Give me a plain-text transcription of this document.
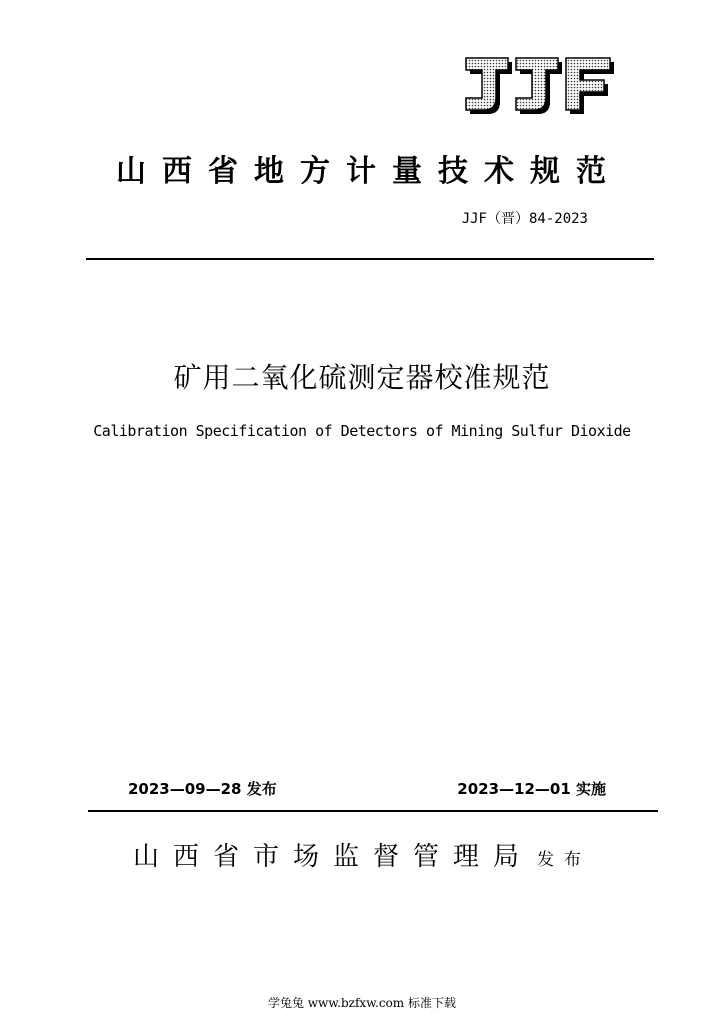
山西省地方计量技术规范
JJF（晋）84-2023
矿用二氧化硫测定器校准规范
Calibration Specification of Detectors of Mining Sulfur Dioxide
2023—09—28 发布	2023—12—01 实施
山西省市场监督管理局 发布
学兔兔 www.bzfxw.com 标准下载
